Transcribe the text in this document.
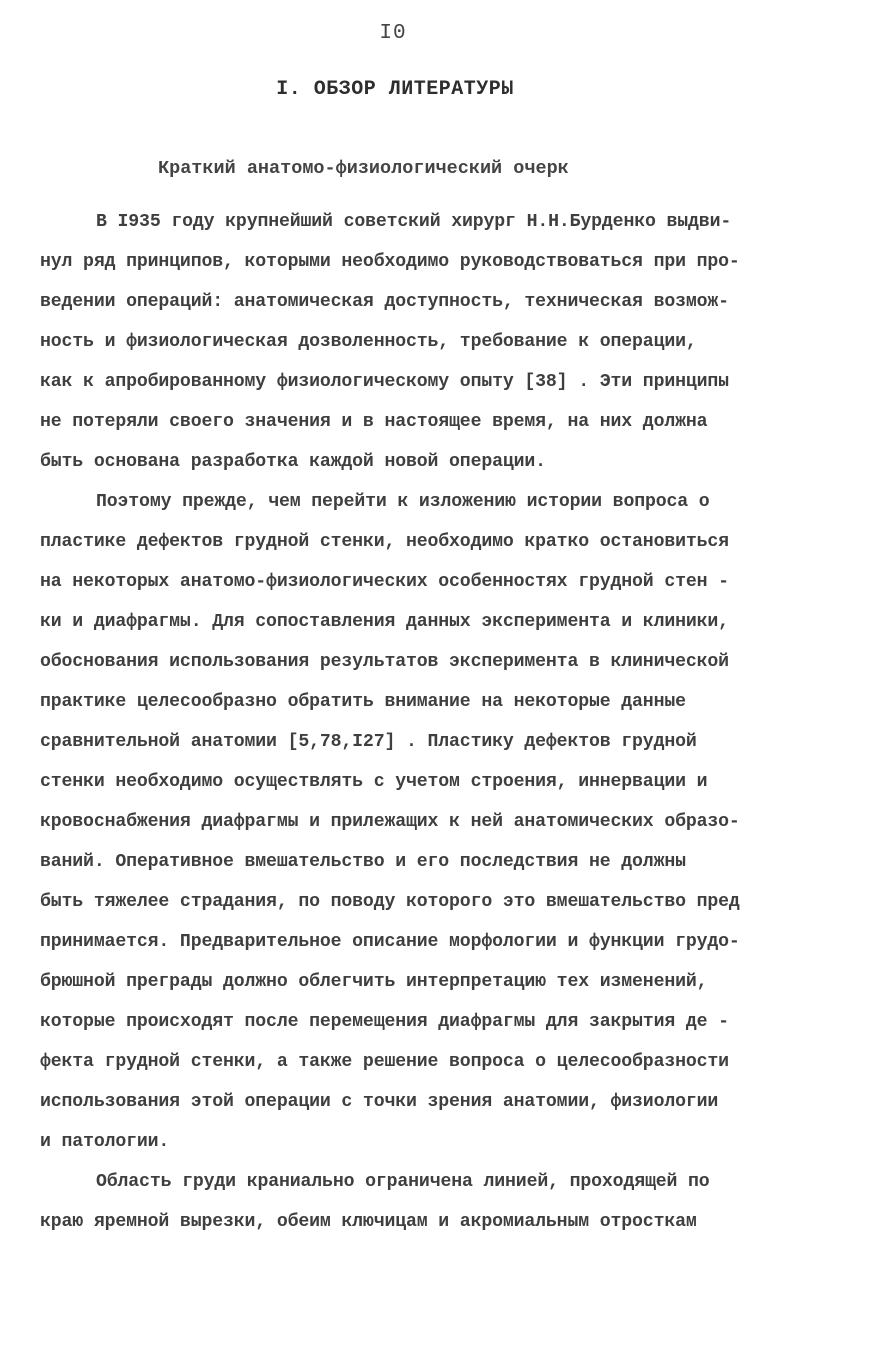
I0
I. ОБЗОР ЛИТЕРАТУРЫ
Краткий анатомо-физиологический очерк
В I935 году крупнейший советский хирург Н.Н.Бурденко выдви-
нул ряд принципов, которыми необходимо руководствоваться при про-
ведении операций: анатомическая доступность, техническая возмож-
ность и физиологическая дозволенность, требование к операции,
как к апробированному физиологическому опыту [38] . Эти принципы
не потеряли своего значения и в настоящее время, на них должна
быть основана разработка каждой новой операции.
Поэтому прежде, чем перейти к изложению истории вопроса о
пластике дефектов грудной стенки, необходимо кратко остановиться
на некоторых анатомо-физиологических особенностях грудной стен -
ки и диафрагмы. Для сопоставления данных эксперимента и клиники,
обоснования использования результатов эксперимента в клинической
практике целесообразно обратить внимание на некоторые данные
сравнительной анатомии [5,78,I27] . Пластику дефектов грудной
стенки необходимо осуществлять с учетом строения, иннервации и
кровоснабжения диафрагмы и прилежащих к ней анатомических образо-
ваний. Оперативное вмешательство и его последствия не должны
быть тяжелее страдания, по поводу которого это вмешательство пред
принимается. Предварительное описание морфологии и функции грудо-
брюшной преграды должно облегчить интерпретацию тех изменений,
которые происходят после перемещения диафрагмы для закрытия де -
фекта грудной стенки, а также решение вопроса о целесообразности
использования этой операции с точки зрения анатомии, физиологии
и патологии.
Область груди краниально ограничена линией, проходящей по
краю яремной вырезки, обеим ключицам и акромиальным отросткам
